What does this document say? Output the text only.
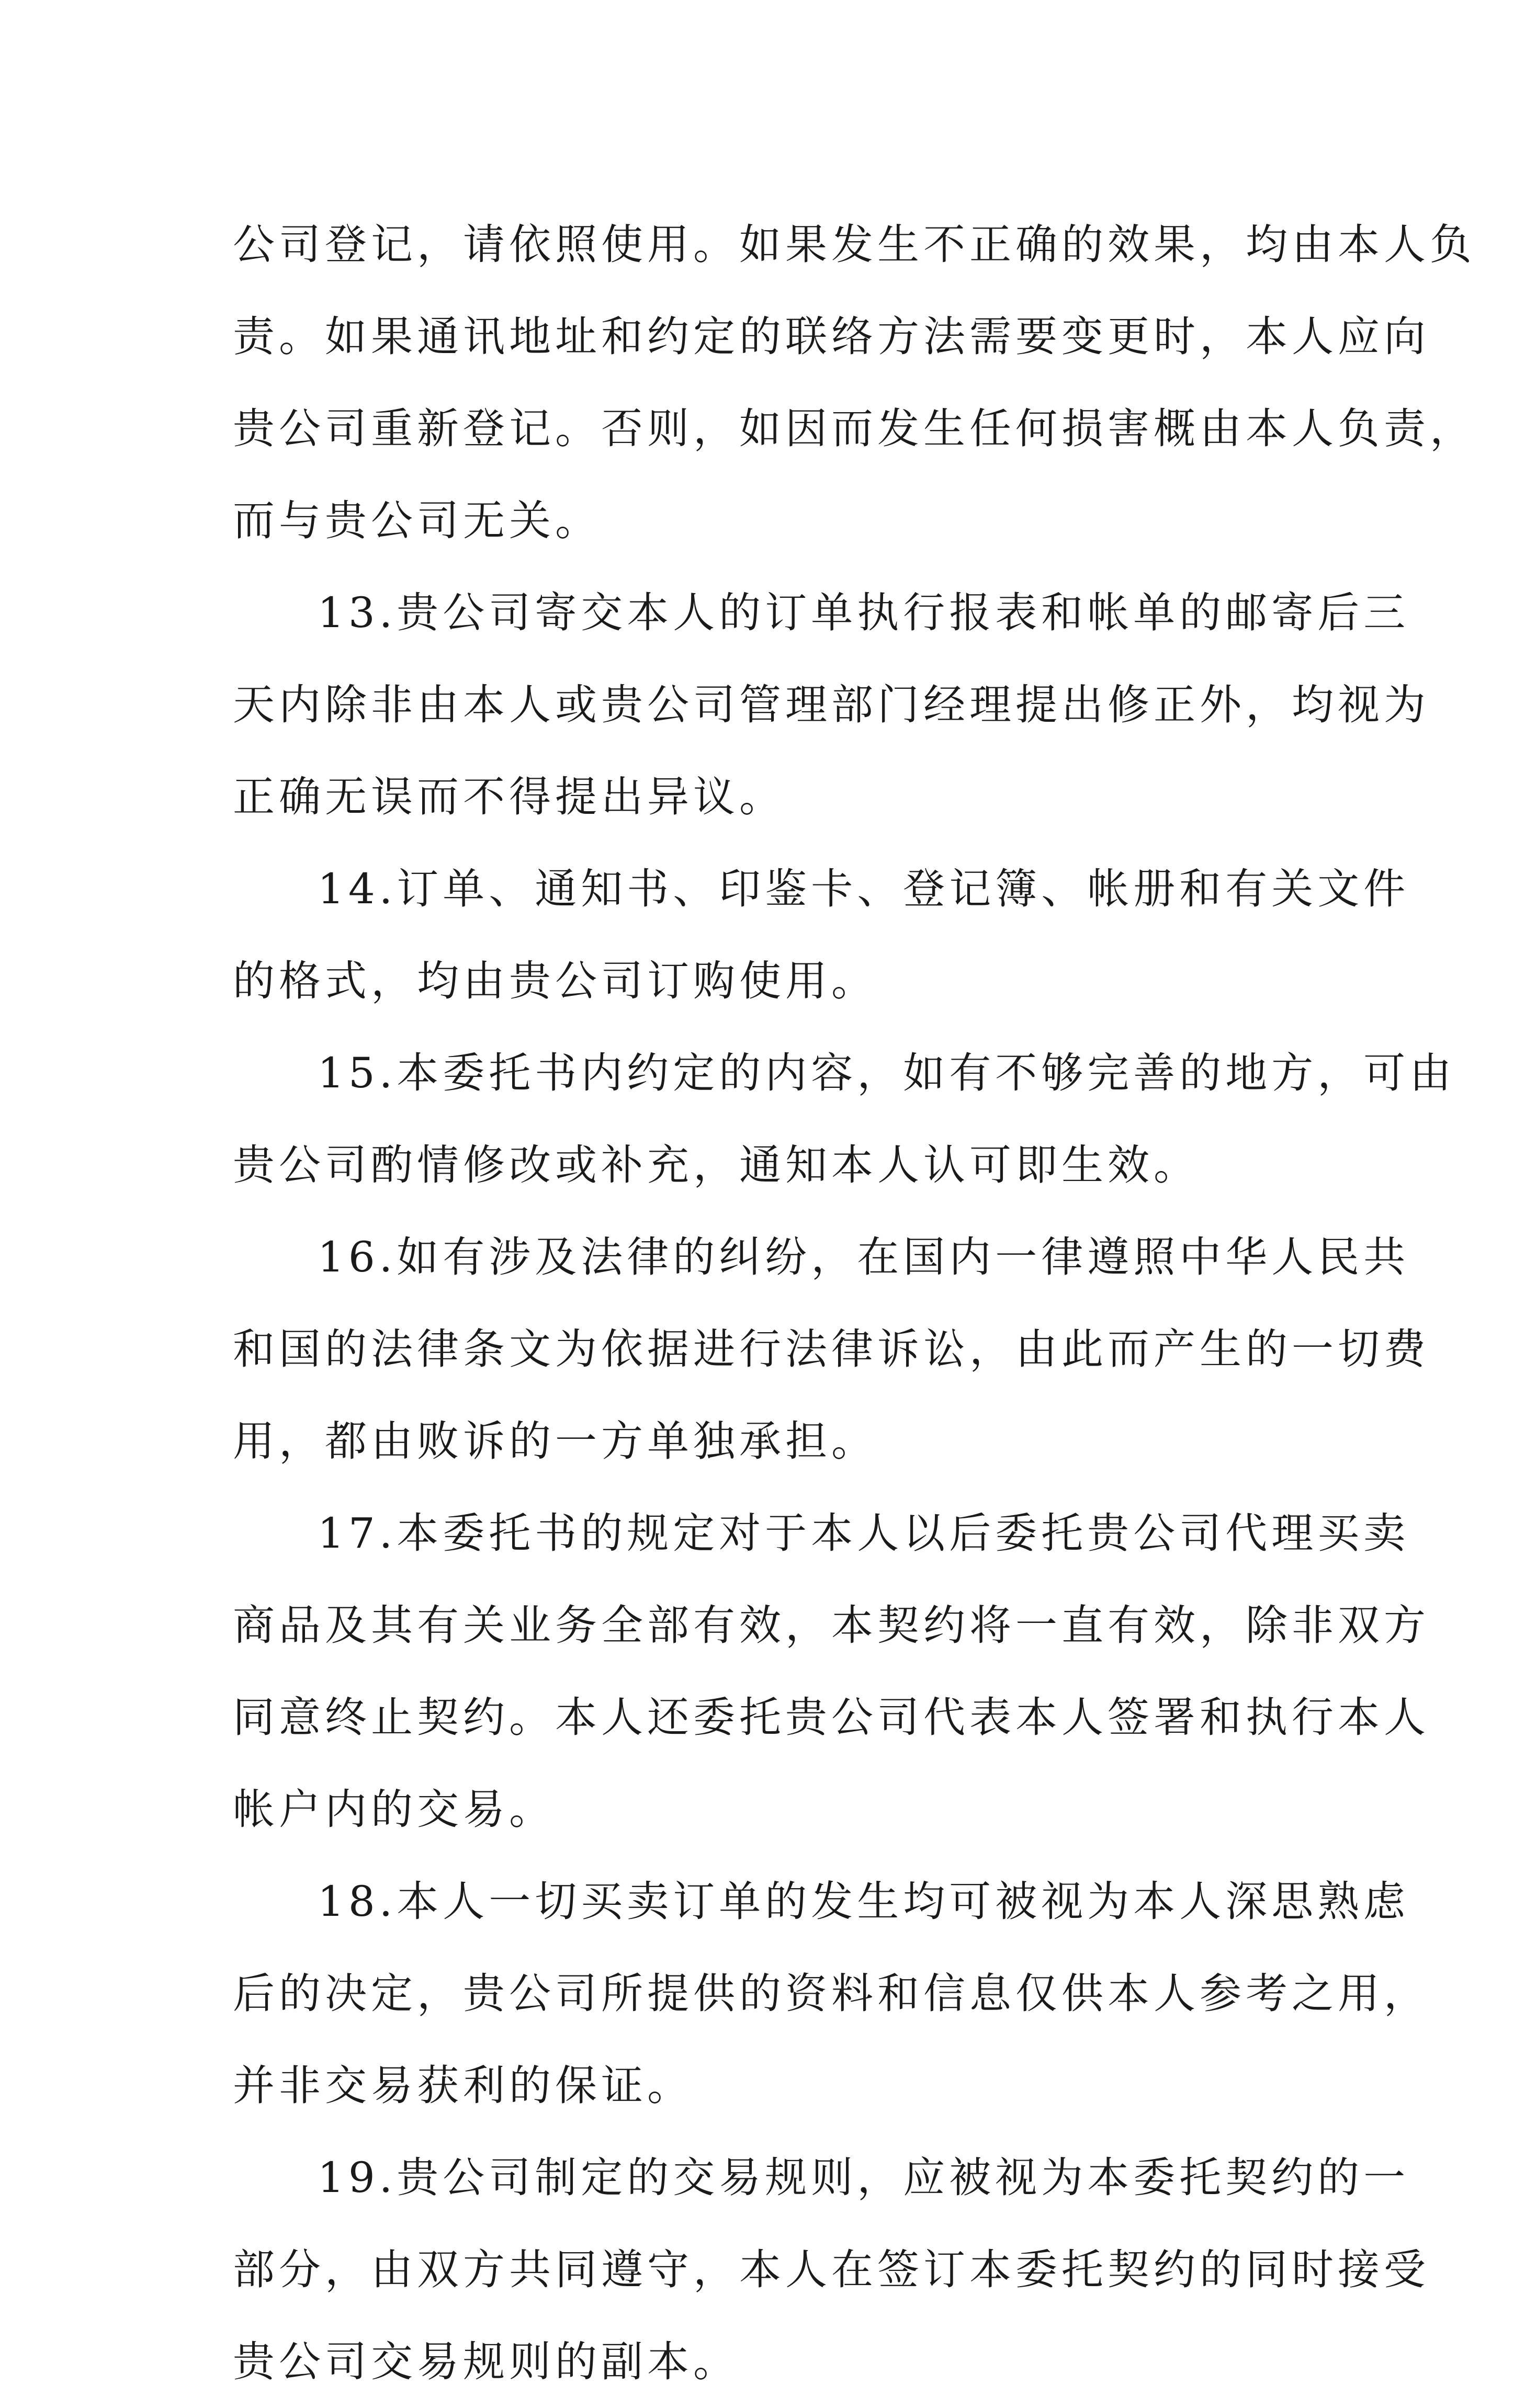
公司登记，请依照使用。如果发生不正确的效果，均由本人负
责。如果通讯地址和约定的联络方法需要变更时，本人应向
贵公司重新登记。否则，如因而发生任何损害概由本人负责，
而与贵公司无关。
13.贵公司寄交本人的订单执行报表和帐单的邮寄后三
天内除非由本人或贵公司管理部门经理提出修正外，均视为
正确无误而不得提出异议。
14.订单、通知书、印鉴卡、登记簿、帐册和有关文件
的格式，均由贵公司订购使用。
15.本委托书内约定的内容，如有不够完善的地方，可由
贵公司酌情修改或补充，通知本人认可即生效。
16.如有涉及法律的纠纷，在国内一律遵照中华人民共
和国的法律条文为依据进行法律诉讼，由此而产生的一切费
用，都由败诉的一方单独承担。
17.本委托书的规定对于本人以后委托贵公司代理买卖
商品及其有关业务全部有效，本契约将一直有效，除非双方
同意终止契约。本人还委托贵公司代表本人签署和执行本人
帐户内的交易。
18.本人一切买卖订单的发生均可被视为本人深思熟虑
后的决定，贵公司所提供的资料和信息仅供本人参考之用，
并非交易获利的保证。
19.贵公司制定的交易规则，应被视为本委托契约的一
部分，由双方共同遵守，本人在签订本委托契约的同时接受
贵公司交易规则的副本。
